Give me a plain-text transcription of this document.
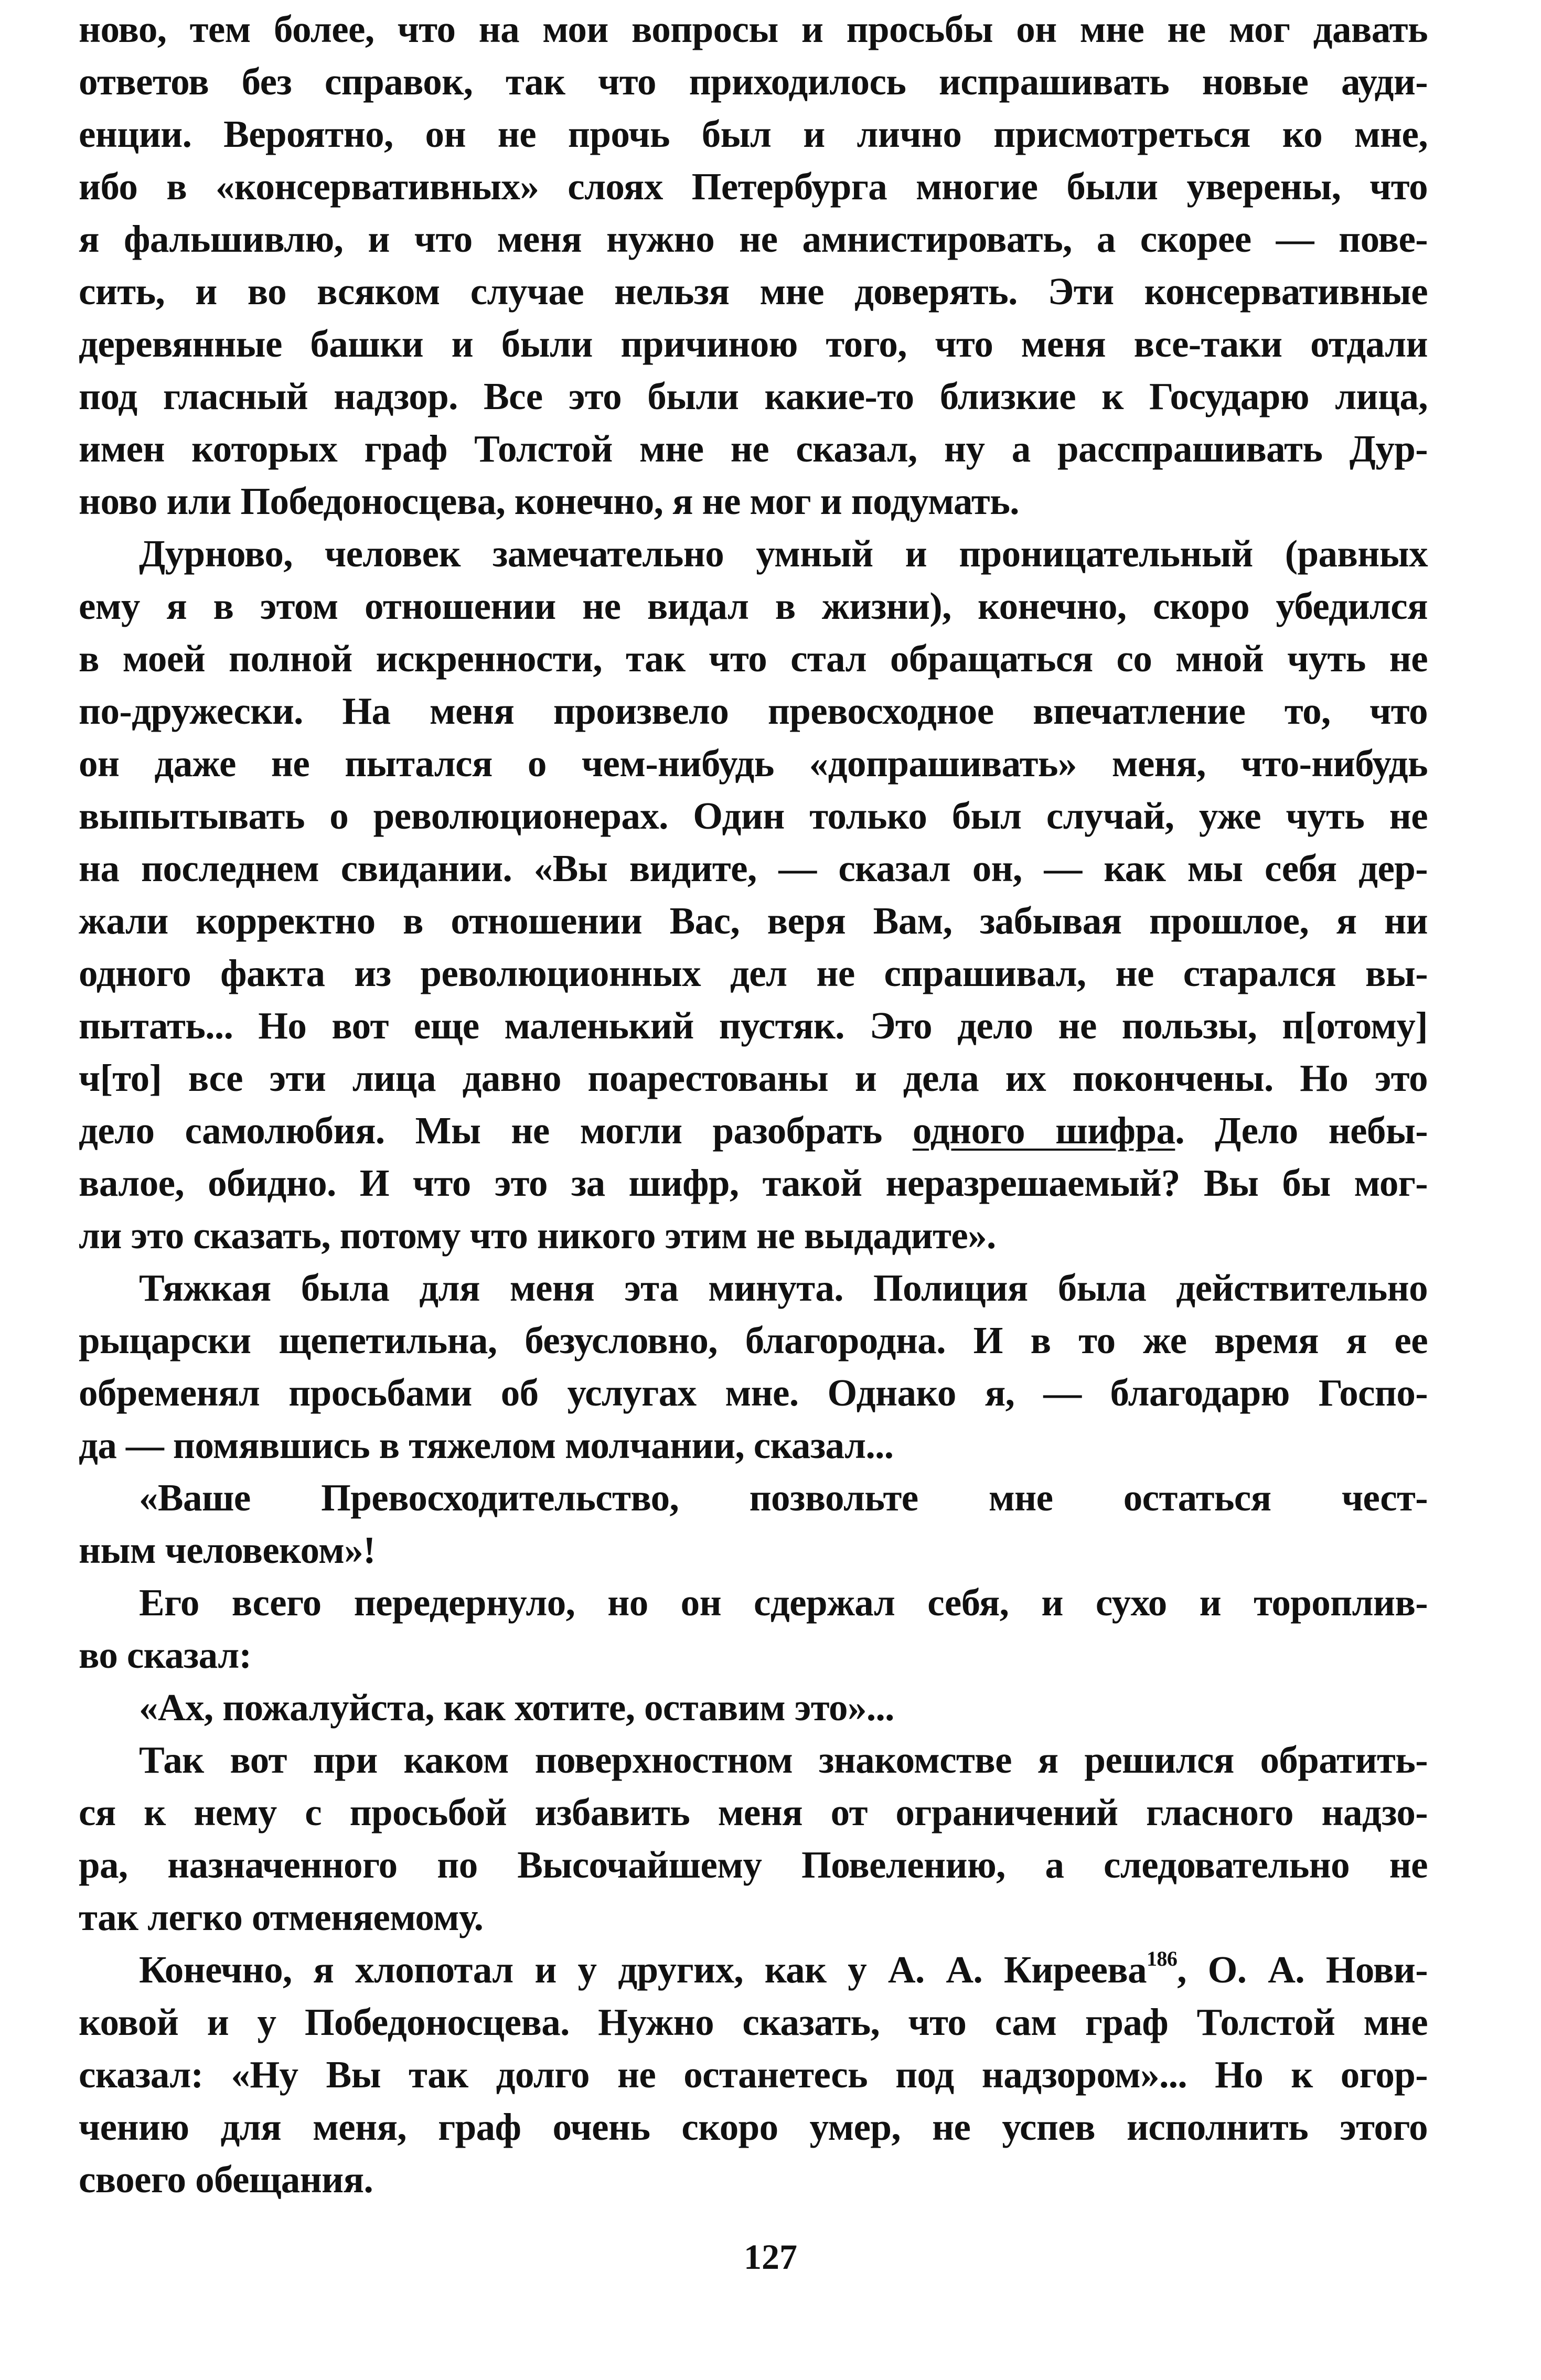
ново, тем более, что на мои вопросы и просьбы он мне не мог давать
ответов без справок, так что приходилось испрашивать новые ауди-
енции. Вероятно, он не прочь был и лично присмотреться ко мне,
ибо в «консервативных» слоях Петербурга многие были уверены, что
я фальшивлю, и что меня нужно не амнистировать, а скорее — пове-
сить, и во всяком случае нельзя мне доверять. Эти консервативные
деревянные башки и были причиною того, что меня все-таки отдали
под гласный надзор. Все это были какие-то близкие к Государю лица,
имен которых граф Толстой мне не сказал, ну а расспрашивать Дур-
ново или Победоносцева, конечно, я не мог и подумать.
Дурново, человек замечательно умный и проницательный (равных
ему я в этом отношении не видал в жизни), конечно, скоро убедился
в моей полной искренности, так что стал обращаться со мной чуть не
по-дружески. На меня произвело превосходное впечатление то, что
он даже не пытался о чем-нибудь «допрашивать» меня, что-нибудь
выпытывать о революционерах. Один только был случай, уже чуть не
на последнем свидании. «Вы видите, — сказал он, — как мы себя дер-
жали корректно в отношении Вас, веря Вам, забывая прошлое, я ни
одного факта из революционных дел не спрашивал, не старался вы-
пытать... Но вот еще маленький пустяк. Это дело не пользы, п[отому]
ч[то] все эти лица давно поарестованы и дела их покончены. Но это
дело самолюбия. Мы не могли разобрать одного шифра. Дело небы-
валое, обидно. И что это за шифр, такой неразрешаемый? Вы бы мог-
ли это сказать, потому что никого этим не выдадите».
Тяжкая была для меня эта минута. Полиция была действительно
рыцарски щепетильна, безусловно, благородна. И в то же время я ее
обременял просьбами об услугах мне. Однако я, — благодарю Госпо-
да — помявшись в тяжелом молчании, сказал...
«Ваше Превосходительство, позвольте мне остаться чест-
ным человеком»!
Его всего передернуло, но он сдержал себя, и сухо и тороплив-
во сказал:
«Ах, пожалуйста, как хотите, оставим это»...
Так вот при каком поверхностном знакомстве я решился обратить-
ся к нему с просьбой избавить меня от ограничений гласного надзо-
ра, назначенного по Высочайшему Повелению, а следовательно не
так легко отменяемому.
Конечно, я хлопотал и у других, как у А. А. Киреева$^{186}$, О. А. Нови-
ковой и у Победоносцева. Нужно сказать, что сам граф Толстой мне
сказал: «Ну Вы так долго не останетесь под надзором»... Но к огор-
чению для меня, граф очень скоро умер, не успев исполнить этого
своего обещания.
127
